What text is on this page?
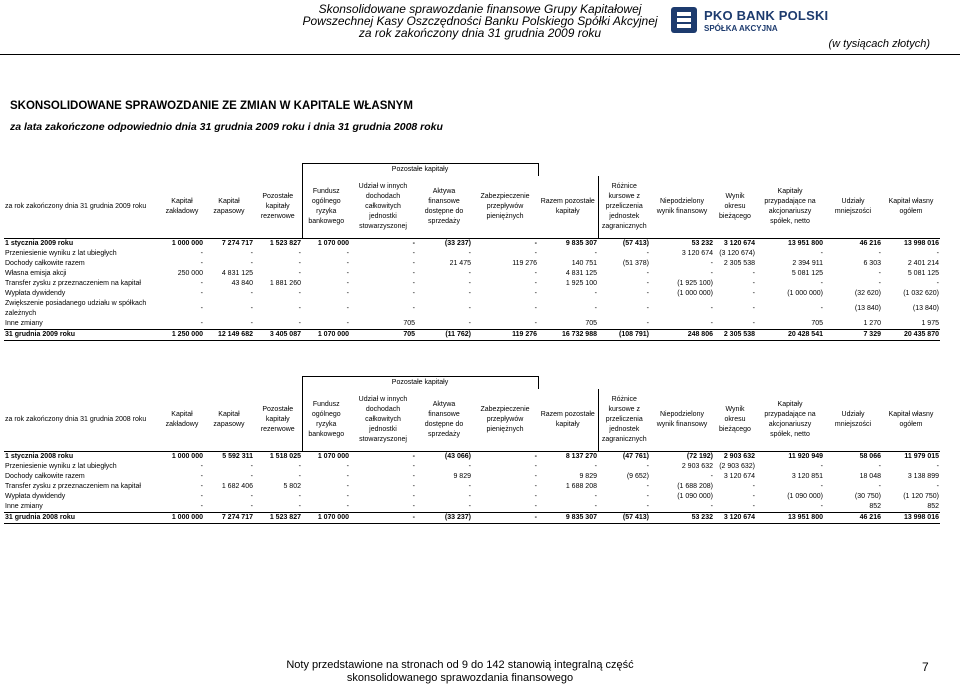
Skonsolidowane sprawozdanie finansowe Grupy Kapitałowej
Powszechnej Kasy Oszczędności Banku Polskiego Spółki Akcyjnej
za rok zakończony dnia 31 grudnia 2009 roku
PKO BANK POLSKI
SPÓŁKA AKCYJNA
(w tysiącach złotych)
SKONSOLIDOWANE SPRAWOZDANIE ZE ZMIAN W KAPITALE WŁASNYM
za lata zakończone odpowiednio dnia 31 grudnia 2009 roku i dnia 31 grudnia 2008 roku
				Pozostałe kapitały										
za rok zakończony dnia 31 grudnia 2009 roku	Kapitał zakładowy	Kapitał zapasowy	Pozostałe kapitały rezerwowe	Fundusz ogólnego ryzyka bankowego	Udział w innych dochodach całkowitych jednostki stowarzyszonej	Aktywa finansowe dostępne do sprzedaży	Zabezpieczenie przepływów pieniężnych	Razem pozostałe kapitały	Różnice kursowe z przeliczenia jednostek zagranicznych	Niepodzielony wynik finansowy	Wynik okresu bieżącego	Kapitały przypadające na akcjonariuszy spółek, netto	Udziały mniejszości	Kapitał własny ogółem
1 stycznia 2009 roku	1 000 000	7 274 717	1 523 827	1 070 000	-	(33 237)	-	9 835 307	(57 413)	53 232	3 120 674	13 951 800	46 216	13 998 016
Przeniesienie wyniku z lat ubiegłych	-	-	-	-	-	-	-	-	-	3 120 674	(3 120 674)	-	-	-
Dochody całkowite razem	-	-	-	-	-	21 475	119 276	140 751	(51 378)	-	2 305 538	2 394 911	6 303	2 401 214
Własna emisja akcji	250 000	4 831 125	-	-	-	-	-	4 831 125	-	-	-	5 081 125	-	5 081 125
Transfer zysku z przeznaczeniem na kapitał	-	43 840	1 881 260	-	-	-	-	1 925 100	-	(1 925 100)	-	-	-	-
Wypłata dywidendy	-	-	-	-	-	-	-	-	-	(1 000 000)	-	(1 000 000)	(32 620)	(1 032 620)
Zwiększenie posiadanego udziału w spółkach zależnych	-	-	-	-	-	-	-	-	-	-	-	-	(13 840)	(13 840)
Inne zmiany	-	-	-	-	705	-	-	705	-	-	-	705	1 270	1 975
31 grudnia 2009 roku	1 250 000	12 149 682	3 405 087	1 070 000	705	(11 762)	119 276	16 732 988	(108 791)	248 806	2 305 538	20 428 541	7 329	20 435 870
				Pozostałe kapitały										
za rok zakończony dnia 31 grudnia 2008 roku	Kapitał zakładowy	Kapitał zapasowy	Pozostałe kapitały rezerwowe	Fundusz ogólnego ryzyka bankowego	Udział w innych dochodach całkowitych jednostki stowarzyszonej	Aktywa finansowe dostępne do sprzedaży	Zabezpieczenie przepływów pieniężnych	Razem pozostałe kapitały	Różnice kursowe z przeliczenia jednostek zagranicznych	Niepodzielony wynik finansowy	Wynik okresu bieżącego	Kapitały przypadające na akcjonariuszy spółek, netto	Udziały mniejszości	Kapitał własny ogółem
1 stycznia 2008 roku	1 000 000	5 592 311	1 518 025	1 070 000	-	(43 066)	-	8 137 270	(47 761)	(72 192)	2 903 632	11 920 949	58 066	11 979 015
Przeniesienie wyniku z lat ubiegłych	-	-	-	-	-	-	-	-	-	2 903 632	(2 903 632)	-	-	-
Dochody całkowite razem	-	-	-	-	-	9 829	-	9 829	(9 652)	-	3 120 674	3 120 851	18 048	3 138 899
Transfer zysku z przeznaczeniem na kapitał	-	1 682 406	5 802	-	-	-	-	1 688 208	-	(1 688 208)	-	-	-	-
Wypłata dywidendy	-	-	-	-	-	-	-	-	-	(1 090 000)	-	(1 090 000)	(30 750)	(1 120 750)
Inne zmiany	-	-	-	-	-	-	-	-	-	-	-	-	852	852
31 grudnia 2008 roku	1 000 000	7 274 717	1 523 827	1 070 000	-	(33 237)	-	9 835 307	(57 413)	53 232	3 120 674	13 951 800	46 216	13 998 016
Noty przedstawione na stronach od 9 do 142 stanowią integralną część skonsolidowanego sprawozdania finansowego
7
